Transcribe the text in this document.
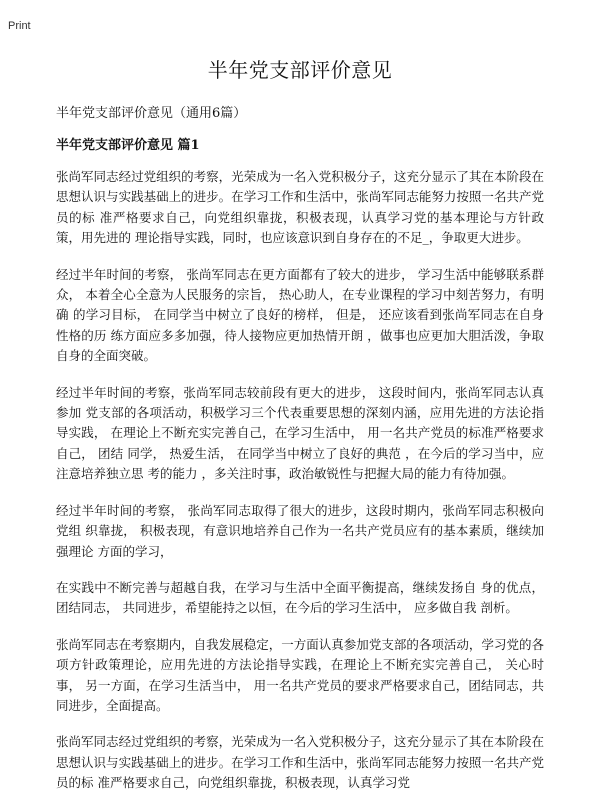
Print
半年党支部评价意见
半年党支部评价意见（通用6篇）
半年党支部评价意见 篇1

张尚军同志经过党组织的考察，光荣成为一名入党积极分子，这充分显示了其在本阶段在 思想认识与实践基础上的进步。在学习工作和生活中，张尚军同志能努力按照一名共产党员的标 准严格要求自己，向党组织靠拢，积极表现，认真学习党的基本理论与方针政策，用先进的 理论指导实践，同时，也应该意识到自身存在的不足_，争取更大进步。

经过半年时间的考察， 张尚军同志在更方面都有了较大的进步， 学习生活中能够联系群 众， 本着全心全意为人民服务的宗旨， 热心助人，在专业课程的学习中刻苦努力，有明确 的学习目标， 在同学当中树立了良好的榜样， 但是， 还应该看到张尚军同志在自身性格的历 练方面应多多加强，待人接物应更加热情开朗 ，做事也应更加大胆活泼，争取自身的全面突破。

经过半年时间的考察，张尚军同志较前段有更大的进步， 这段时间内，张尚军同志认真参加 党支部的各项活动，积极学习三个代表重要思想的深刻内涵，应用先进的方法论指导实践， 在理论上不断充实完善自己，在学习生活中， 用一名共产党员的标准严格要求自己， 团结 同学， 热爱生活， 在同学当中树立了良好的典范 ，在今后的学习当中，应注意培养独立思 考的能力 ，多关注时事，政治敏锐性与把握大局的能力有待加强。

经过半年时间的考察， 张尚军同志取得了很大的进步，这段时期内，张尚军同志积极向党组 织靠拢， 积极表现，有意识地培养自己作为一名共产党员应有的基本素质，继续加强理论 方面的学习，

在实践中不断完善与超越自我，在学习与生活中全面平衡提高，继续发扬自 身的优点， 团结同志， 共同进步，希望能持之以恒，在今后的学习生活中， 应多做自我 剖析。

张尚军同志在考察期内，自我发展稳定，一方面认真参加党支部的各项活动，学习党的各 项方针政策理论，应用先进的方法论指导实践，在理论上不断充实完善自己， 关心时事， 另一方面，在学习生活当中， 用一名共产党员的要求严格要求自己，团结同志，共同进步，全面提高。

张尚军同志经过党组织的考察，光荣成为一名入党积极分子，这充分显示了其在本阶段在 思想认识与实践基础上的进步。在学习工作和生活中，张尚军同志能努力按照一名共产党员的标 准严格要求自己，向党组织靠拢，积极表现，认真学习党
